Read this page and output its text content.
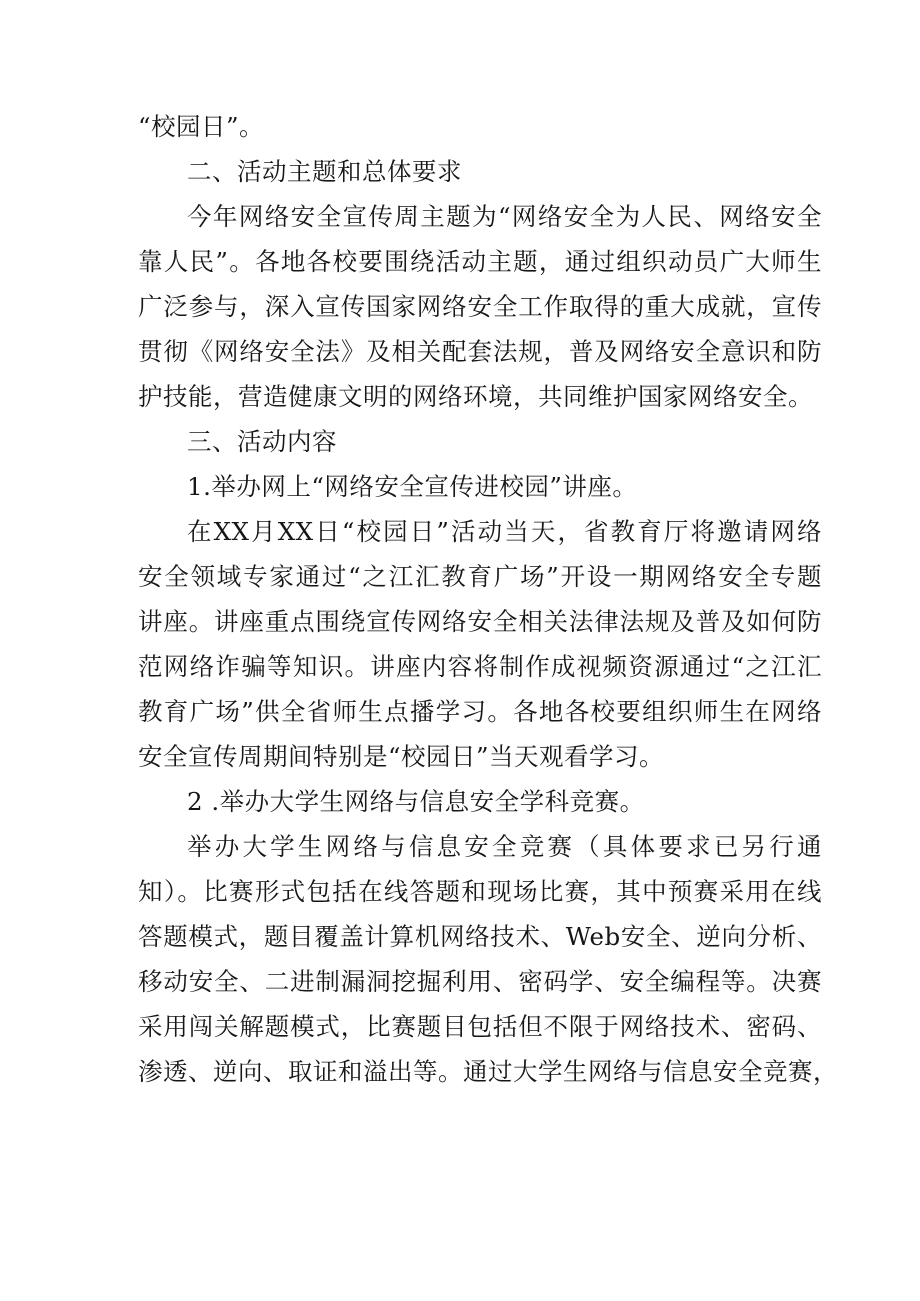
“校园日”。
二、活动主题和总体要求
今年网络安全宣传周主题为“网络安全为人民、网络安全
靠人民”。各地各校要围绕活动主题，通过组织动员广大师生
广泛参与，深入宣传国家网络安全工作取得的重大成就，宣传
贯彻《网络安全法》及相关配套法规，普及网络安全意识和防
护技能，营造健康文明的网络环境，共同维护国家网络安全。
三、活动内容
1.举办网上“网络安全宣传进校园”讲座。
在XX月XX日“校园日”活动当天，省教育厅将邀请网络
安全领域专家通过“之江汇教育广场”开设一期网络安全专题
讲座。讲座重点围绕宣传网络安全相关法律法规及普及如何防
范网络诈骗等知识。讲座内容将制作成视频资源通过“之江汇
教育广场”供全省师生点播学习。各地各校要组织师生在网络
安全宣传周期间特别是“校园日”当天观看学习。
2 .举办大学生网络与信息安全学科竞赛。
举办大学生网络与信息安全竞赛（具体要求已另行通
知）。比赛形式包括在线答题和现场比赛，其中预赛采用在线
答题模式，题目覆盖计算机网络技术、Web安全、逆向分析、
移动安全、二进制漏洞挖掘利用、密码学、安全编程等。决赛
采用闯关解题模式，比赛题目包括但不限于网络技术、密码、
渗透、逆向、取证和溢出等。通过大学生网络与信息安全竞赛，
